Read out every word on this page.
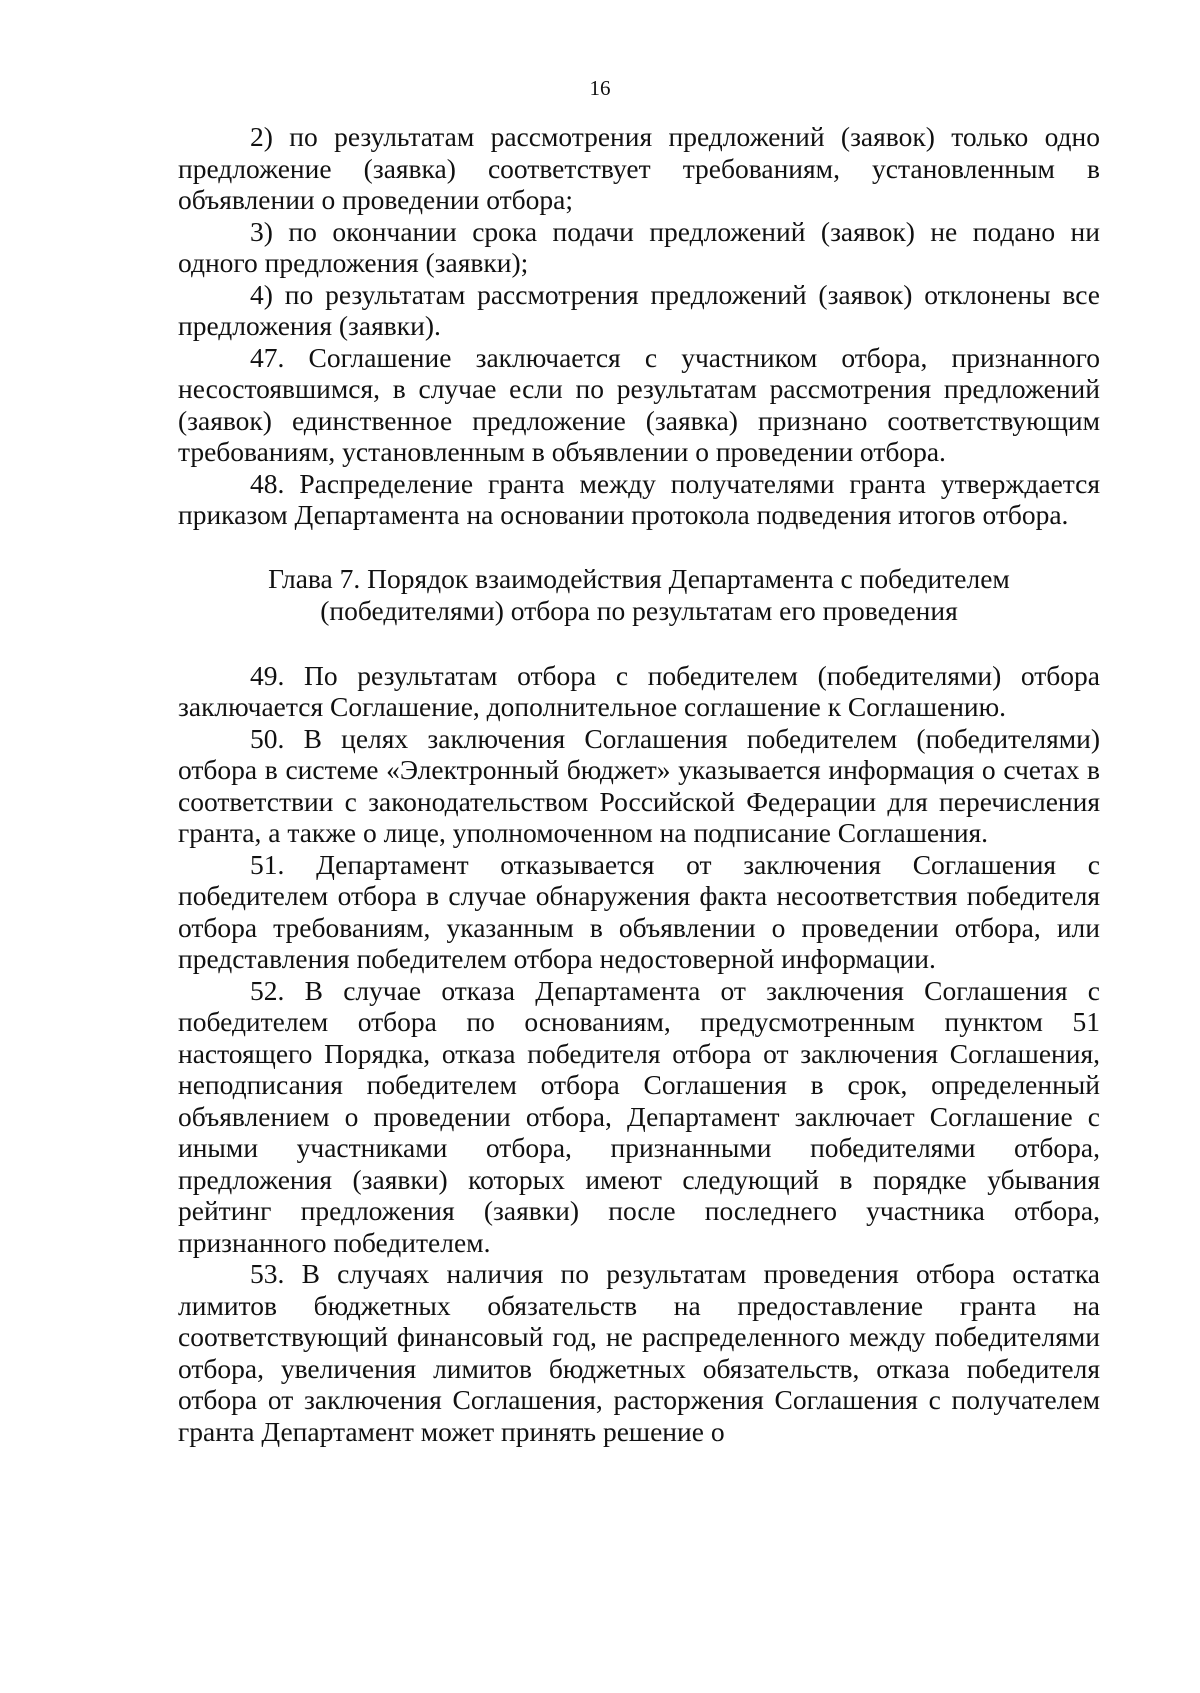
16

2) по результатам рассмотрения предложений (заявок) только одно предложение (заявка) соответствует требованиям, установленным в объявлении о проведении отбора;

3) по окончании срока подачи предложений (заявок) не подано ни одного предложения (заявки);

4) по результатам рассмотрения предложений (заявок) отклонены все предложения (заявки).

47. Соглашение заключается с участником отбора, признанного несостоявшимся, в случае если по результатам рассмотрения предложений (заявок) единственное предложение (заявка) признано соответствующим требованиям, установленным в объявлении о проведении отбора.

48. Распределение гранта между получателями гранта утверждается приказом Департамента на основании протокола подведения итогов отбора.

Глава 7. Порядок взаимодействия Департамента с победителем (победителями) отбора по результатам его проведения

49. По результатам отбора с победителем (победителями) отбора заключается Соглашение, дополнительное соглашение к Соглашению.

50. В целях заключения Соглашения победителем (победителями) отбора в системе «Электронный бюджет» указывается информация о счетах в соответствии с законодательством Российской Федерации для перечисления гранта, а также о лице, уполномоченном на подписание Соглашения.

51. Департамент отказывается от заключения Соглашения с победителем отбора в случае обнаружения факта несоответствия победителя отбора требованиям, указанным в объявлении о проведении отбора, или представления победителем отбора недостоверной информации.

52. В случае отказа Департамента от заключения Соглашения с победителем отбора по основаниям, предусмотренным пунктом 51 настоящего Порядка, отказа победителя отбора от заключения Соглашения, неподписания победителем отбора Соглашения в срок, определенный объявлением о проведении отбора, Департамент заключает Соглашение с иными участниками отбора, признанными победителями отбора, предложения (заявки) которых имеют следующий в порядке убывания рейтинг предложения (заявки) после последнего участника отбора, признанного победителем.

53. В случаях наличия по результатам проведения отбора остатка лимитов бюджетных обязательств на предоставление гранта на соответствующий финансовый год, не распределенного между победителями отбора, увеличения лимитов бюджетных обязательств, отказа победителя отбора от заключения Соглашения, расторжения Соглашения с получателем гранта Департамент может принять решение о
